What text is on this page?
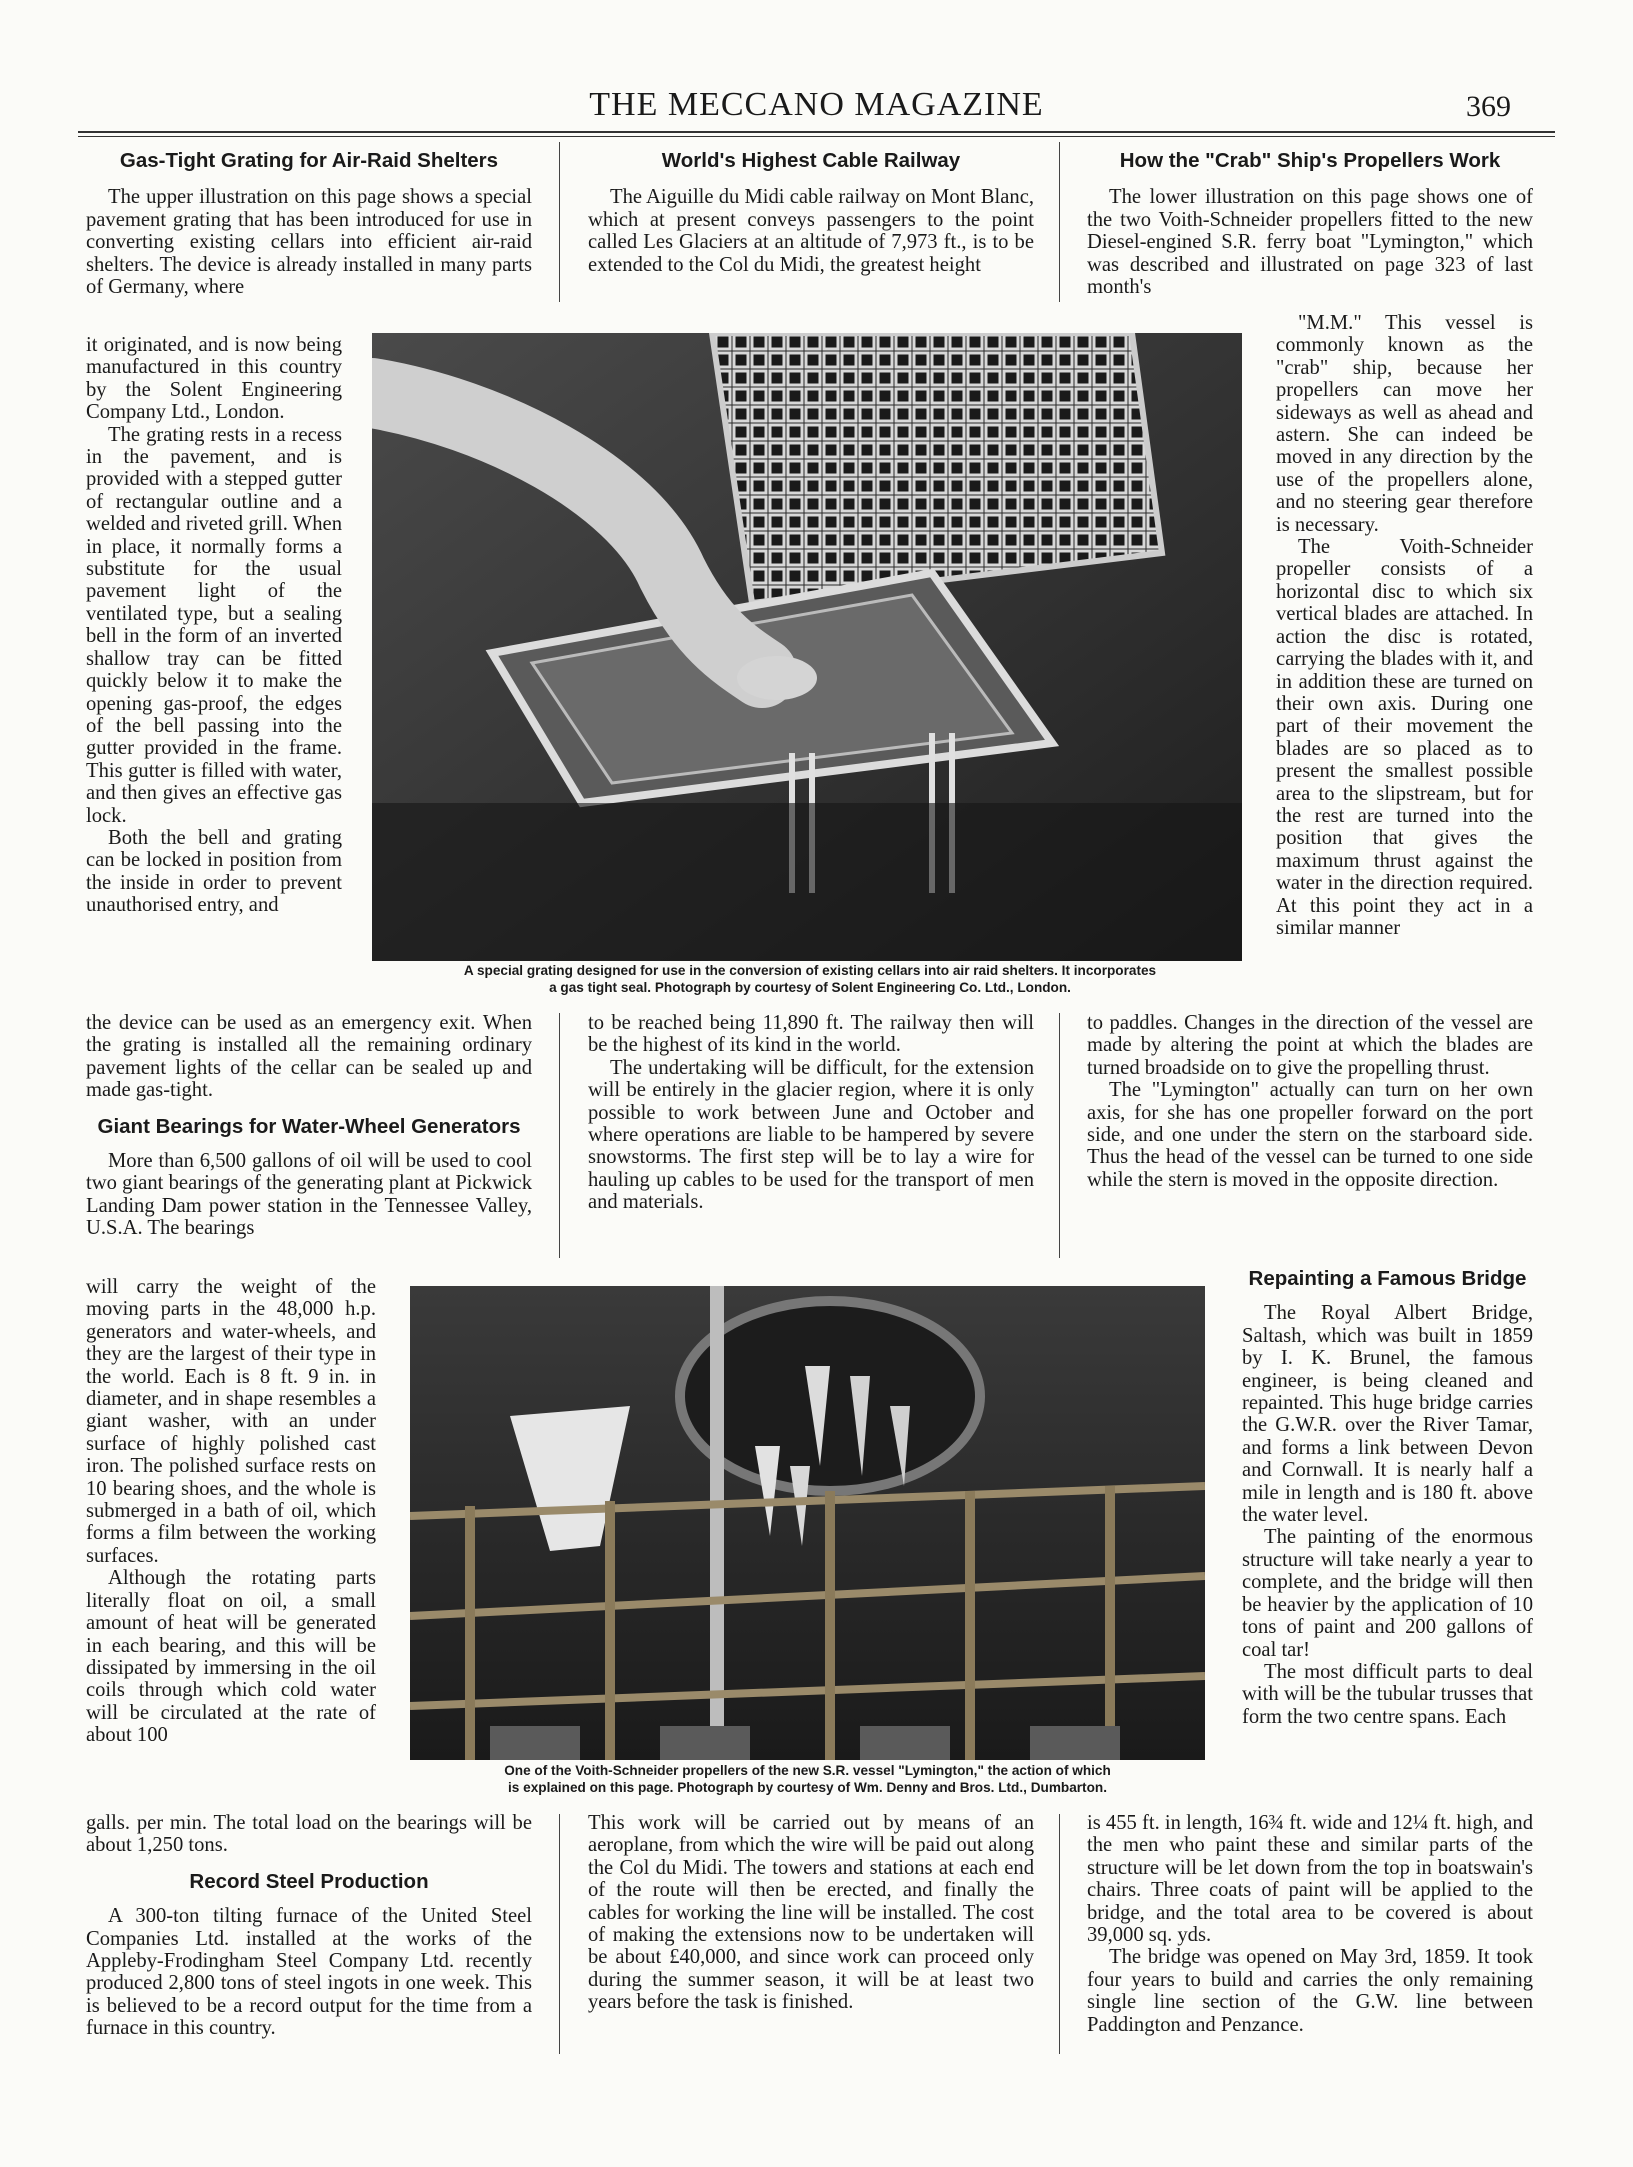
THE MECCANO MAGAZINE	369
Gas-Tight Grating for Air-Raid Shelters

The upper illustration on this page shows a special pavement grating that has been introduced for use in converting existing cellars into efficient air-raid shelters. The device is already installed in many parts of Germany, where

it originated, and is now being manufactured in this country by the Solent Engineering Company Ltd., London.

The grating rests in a recess in the pavement, and is provided with a stepped gutter of rectangular outline and a welded and riveted grill. When in place, it normally forms a substitute for the usual pavement light of the ventilated type, but a sealing bell in the form of an inverted shallow tray can be fitted quickly below it to make the opening gas-proof, the edges of the bell passing into the gutter provided in the frame. This gutter is filled with water, and then gives an effective gas lock.

Both the bell and grating can be locked in position from the inside in order to prevent unauthorised entry, and

the device can be used as an emergency exit. When the grating is installed all the remaining ordinary pavement lights of the cellar can be sealed up and made gas-tight.

Giant Bearings for Water-Wheel Generators

More than 6,500 gallons of oil will be used to cool two giant bearings of the generating plant at Pickwick Landing Dam power station in the Tennessee Valley, U.S.A. The bearings

will carry the weight of the moving parts in the 48,000 h.p. generators and water-wheels, and they are the largest of their type in the world. Each is 8 ft. 9 in. in diameter, and in shape resembles a giant washer, with an under surface of highly polished cast iron. The polished surface rests on 10 bearing shoes, and the whole is submerged in a bath of oil, which forms a film between the working surfaces.

Although the rotating parts literally float on oil, a small amount of heat will be generated in each bearing, and this will be dissipated by immersing in the oil coils through which cold water will be circulated at the rate of about 100

galls. per min. The total load on the bearings will be about 1,250 tons.

Record Steel Production

A 300-ton tilting furnace of the United Steel Companies Ltd. installed at the works of the Appleby-Frodingham Steel Company Ltd. recently produced 2,800 tons of steel ingots in one week. This is believed to be a record output for the time from a furnace in this country.

World's Highest Cable Railway

The Aiguille du Midi cable railway on Mont Blanc, which at present conveys passengers to the point called Les Glaciers at an altitude of 7,973 ft., is to be extended to the Col du Midi, the greatest height

to be reached being 11,890 ft. The railway then will be the highest of its kind in the world.

The undertaking will be difficult, for the extension will be entirely in the glacier region, where it is only possible to work between June and October and where operations are liable to be hampered by severe snowstorms. The first step will be to lay a wire for hauling up cables to be used for the transport of men and materials.

This work will be carried out by means of an aeroplane, from which the wire will be paid out along the Col du Midi. The towers and stations at each end of the route will then be erected, and finally the cables for working the line will be installed. The cost of making the extensions now to be undertaken will be about £40,000, and since work can proceed only during the summer season, it will be at least two years before the task is finished.

How the "Crab" Ship's Propellers Work

The lower illustration on this page shows one of the two Voith-Schneider propellers fitted to the new Diesel-engined S.R. ferry boat "Lymington," which was described and illustrated on page 323 of last month's

"M.M." This vessel is commonly known as the "crab" ship, because her propellers can move her sideways as well as ahead and astern. She can indeed be moved in any direction by the use of the propellers alone, and no steering gear therefore is necessary.

The Voith-Schneider propeller consists of a horizontal disc to which six vertical blades are attached. In action the disc is rotated, carrying the blades with it, and in addition these are turned on their own axis. During one part of their movement the blades are so placed as to present the smallest possible area to the slipstream, but for the rest are turned into the position that gives the maximum thrust against the water in the direction required. At this point they act in a similar manner

to paddles. Changes in the direction of the vessel are made by altering the point at which the blades are turned broadside on to give the propelling thrust.

The "Lymington" actually can turn on her own axis, for she has one propeller forward on the port side, and one under the stern on the starboard side. Thus the head of the vessel can be turned to one side while the stern is moved in the opposite direction.

Repainting a Famous Bridge

The Royal Albert Bridge, Saltash, which was built in 1859 by I. K. Brunel, the famous engineer, is being cleaned and repainted. This huge bridge carries the G.W.R. over the River Tamar, and forms a link between Devon and Cornwall. It is nearly half a mile in length and is 180 ft. above the water level.

The painting of the enormous structure will take nearly a year to complete, and the bridge will then be heavier by the application of 10 tons of paint and 200 gallons of coal tar!

The most difficult parts to deal with will be the tubular trusses that form the two centre spans. Each

is 455 ft. in length, 16¾ ft. wide and 12¼ ft. high, and the men who paint these and similar parts of the structure will be let down from the top in boatswain's chairs. Three coats of paint will be applied to the bridge, and the total area to be covered is about 39,000 sq. yds.

The bridge was opened on May 3rd, 1859. It took four years to build and carries the only remaining single line section of the G.W. line between Paddington and Penzance.

A special grating designed for use in the conversion of existing cellars into air raid shelters. It incorporates
a gas tight seal. Photograph by courtesy of Solent Engineering Co. Ltd., London.
One of the Voith-Schneider propellers of the new S.R. vessel "Lymington," the action of which
is explained on this page. Photograph by courtesy of Wm. Denny and Bros. Ltd., Dumbarton.
